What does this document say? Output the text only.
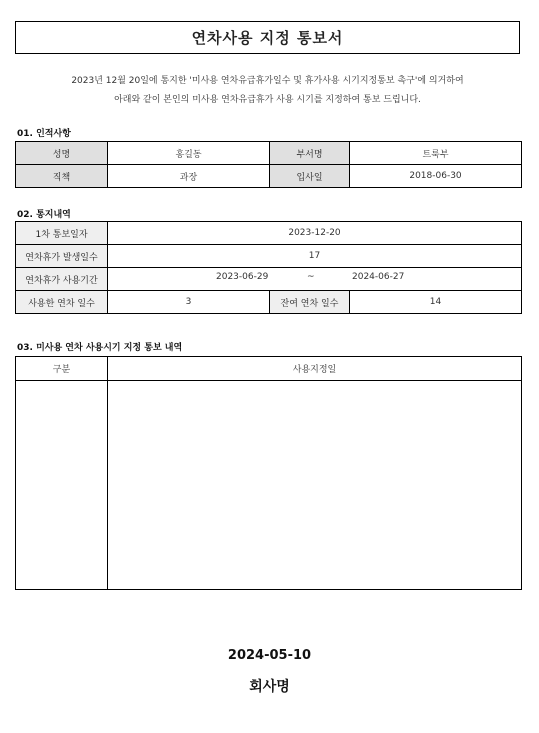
연차사용 지정 통보서
2023년 12월 20일에 통지한 '미사용 연차유급휴가일수 및 휴가사용 시기지정통보 촉구'에 의거하여
아래와 같이 본인의 미사용 연차유급휴가 사용 시기를 지정하여 통보 드립니다.
01. 인적사항
성명	홍길동	부서명	트룩부
직책	과장	입사일	2018-06-30
02. 통지내역
1차 통보일자	2023-12-20		
연차휴가 발생일수	17		
연차휴가 사용기간	2023-06-29 ~ 2024-06-27		

사용한 연차 일수	3	잔여 연차 일수	14
03. 미사용 연차 사용시기 지정 통보 내역
구분	사용지정일

2024-05-10
회사명
